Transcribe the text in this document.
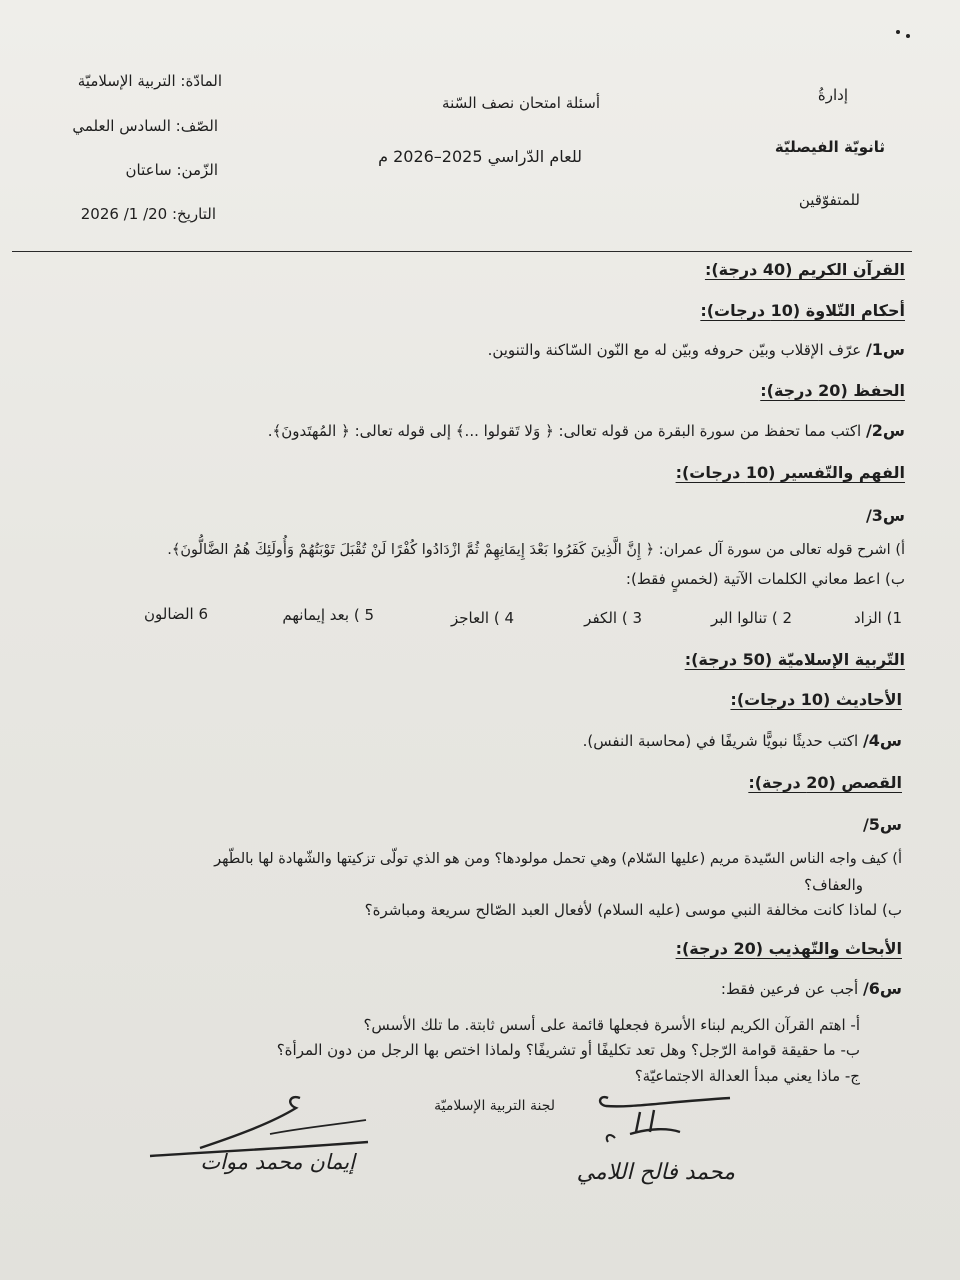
إدارةُ
ثانويّة الفيصليّة
للمتفوّقين
أسئلة امتحان نصف السّنة
للعام الدّراسي 2025–2026 م
المادّة: التربية الإسلاميّة
الصّف: السادس العلمي
الزّمن: ساعتان
التاريخ: 20/ 1/ 2026
القرآن الكريم (40 درجة):
أحكام التّلاوة (10 درجات):
س1/ عرّف الإقلاب وبيّن حروفه وبيّن له مع النّون السّاكنة والتنوين.
الحفظ (20 درجة):
س2/ اكتب مما تحفظ من سورة البقرة من قوله تعالى: ﴿ وَلا تَقولوا ...﴾ إلى قوله تعالى: ﴿ المُهتَدونَ﴾.
الفهم والتّفسير (10 درجات):
س3/
أ) اشرح قوله تعالى من سورة آل عمران: ﴿ إِنَّ الَّذِينَ كَفَرُوا بَعْدَ إِيمَانِهِمْ ثُمَّ ازْدَادُوا كُفْرًا لَنْ تُقْبَلَ تَوْبَتُهُمْ وَأُولَئِكَ هُمُ الضَّالُّونَ﴾.
ب) اعط معاني الكلمات الآتية (لخمسٍ فقط):
1) الزاد
2 ) تنالوا البر
3 ) الكفر
4 ) العاجز
5 ) بعد إيمانهم
6 الضالون
التّربية الإسلاميّة (50 درجة):
الأحاديث (10 درجات):
س4/ اكتب حديثًا نبويًّا شريفًا في (محاسبة النفس).
القصص (20 درجة):
س5/
أ) كيف واجه الناس السّيدة مريم (عليها السّلام) وهي تحمل مولودها؟ ومن هو الذي تولّى تزكيتها والشّهادة لها بالطّهر
والعفاف؟
ب) لماذا كانت مخالفة النبي موسى (عليه السلام) لأفعال العبد الصّالح سريعة ومباشرة؟
الأبحاث والتّهذيب (20 درجة):
س6/ أجب عن فرعين فقط:
أ- اهتم القرآن الكريم لبناء الأسرة فجعلها قائمة على أسس ثابتة. ما تلك الأسس؟
ب- ما حقيقة قوامة الرّجل؟ وهل تعد تكليفًا أو تشريفًا؟ ولماذا اختص بها الرجل من دون المرأة؟
ج- ماذا يعني مبدأ العدالة الاجتماعيّة؟
لجنة التربية الإسلاميّة
محمد فالح اللامي
إيمان محمد موات
